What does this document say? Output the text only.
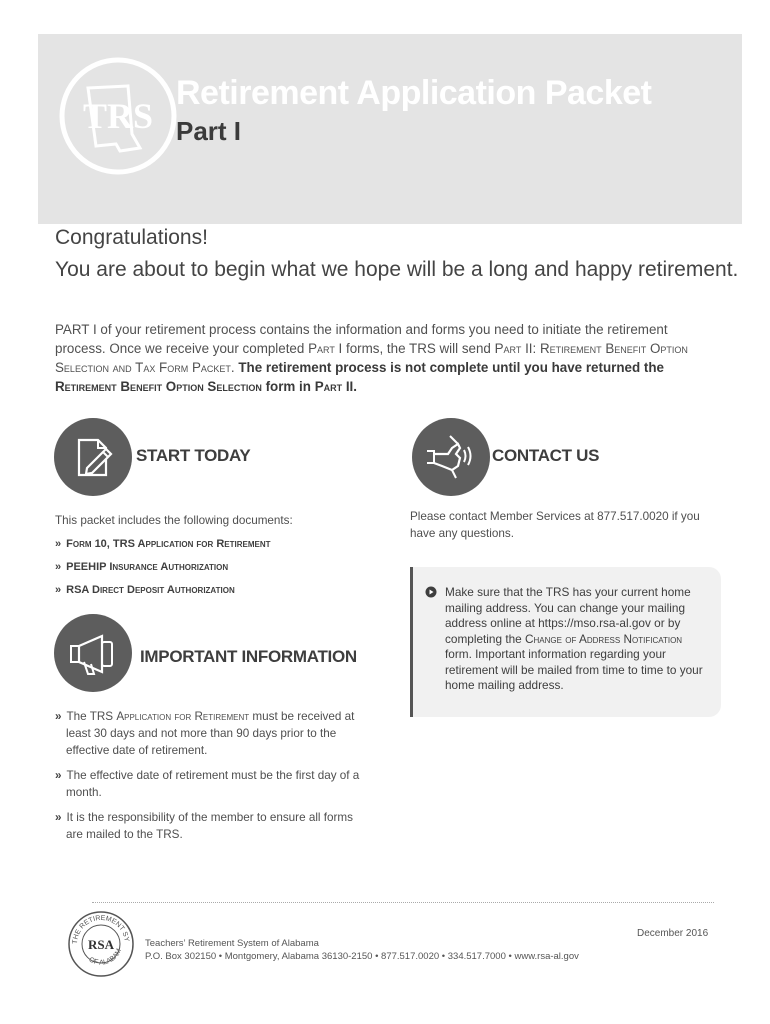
TRS
Retirement Application Packet
Part I
Congratulations!
You are about to begin what we hope will be a long and happy retirement.
PART I of your retirement process contains the information and forms you need to initiate the retirement process. Once we receive your completed Part I forms, the TRS will send Part II: Retirement Benefit Option Selection and Tax Form Packet. The retirement process is not complete until you have returned the Retirement Benefit Option Selection form in Part II.
START TODAY
This packet includes the following documents:
» Form 10, TRS Application for Retirement
» PEEHIP Insurance Authorization
» RSA Direct Deposit Authorization
IMPORTANT INFORMATION
» The TRS Application for Retirement must be received at least 30 days and not more than 90 days prior to the effective date of retirement.
» The effective date of retirement must be the first day of a month.
» It is the responsibility of the member to ensure all forms are mailed to the TRS.
CONTACT US
Please contact Member Services at 877.517.0020 if you have any questions.
Make sure that the TRS has your current home mailing address. You can change your mailing address online at https://mso.rsa-al.gov or by completing the Change of Address Notification form. Important information regarding your retirement will be mailed from time to time to your home mailing address.
THE RETIREMENT SY
OF ALABAM
RSA	Teachers’ Retirement System of Alabama
P.O. Box 302150 • Montgomery, Alabama 36130-2150 • 877.517.0020 • 334.517.7000 • www.rsa-al.gov
December 2016
